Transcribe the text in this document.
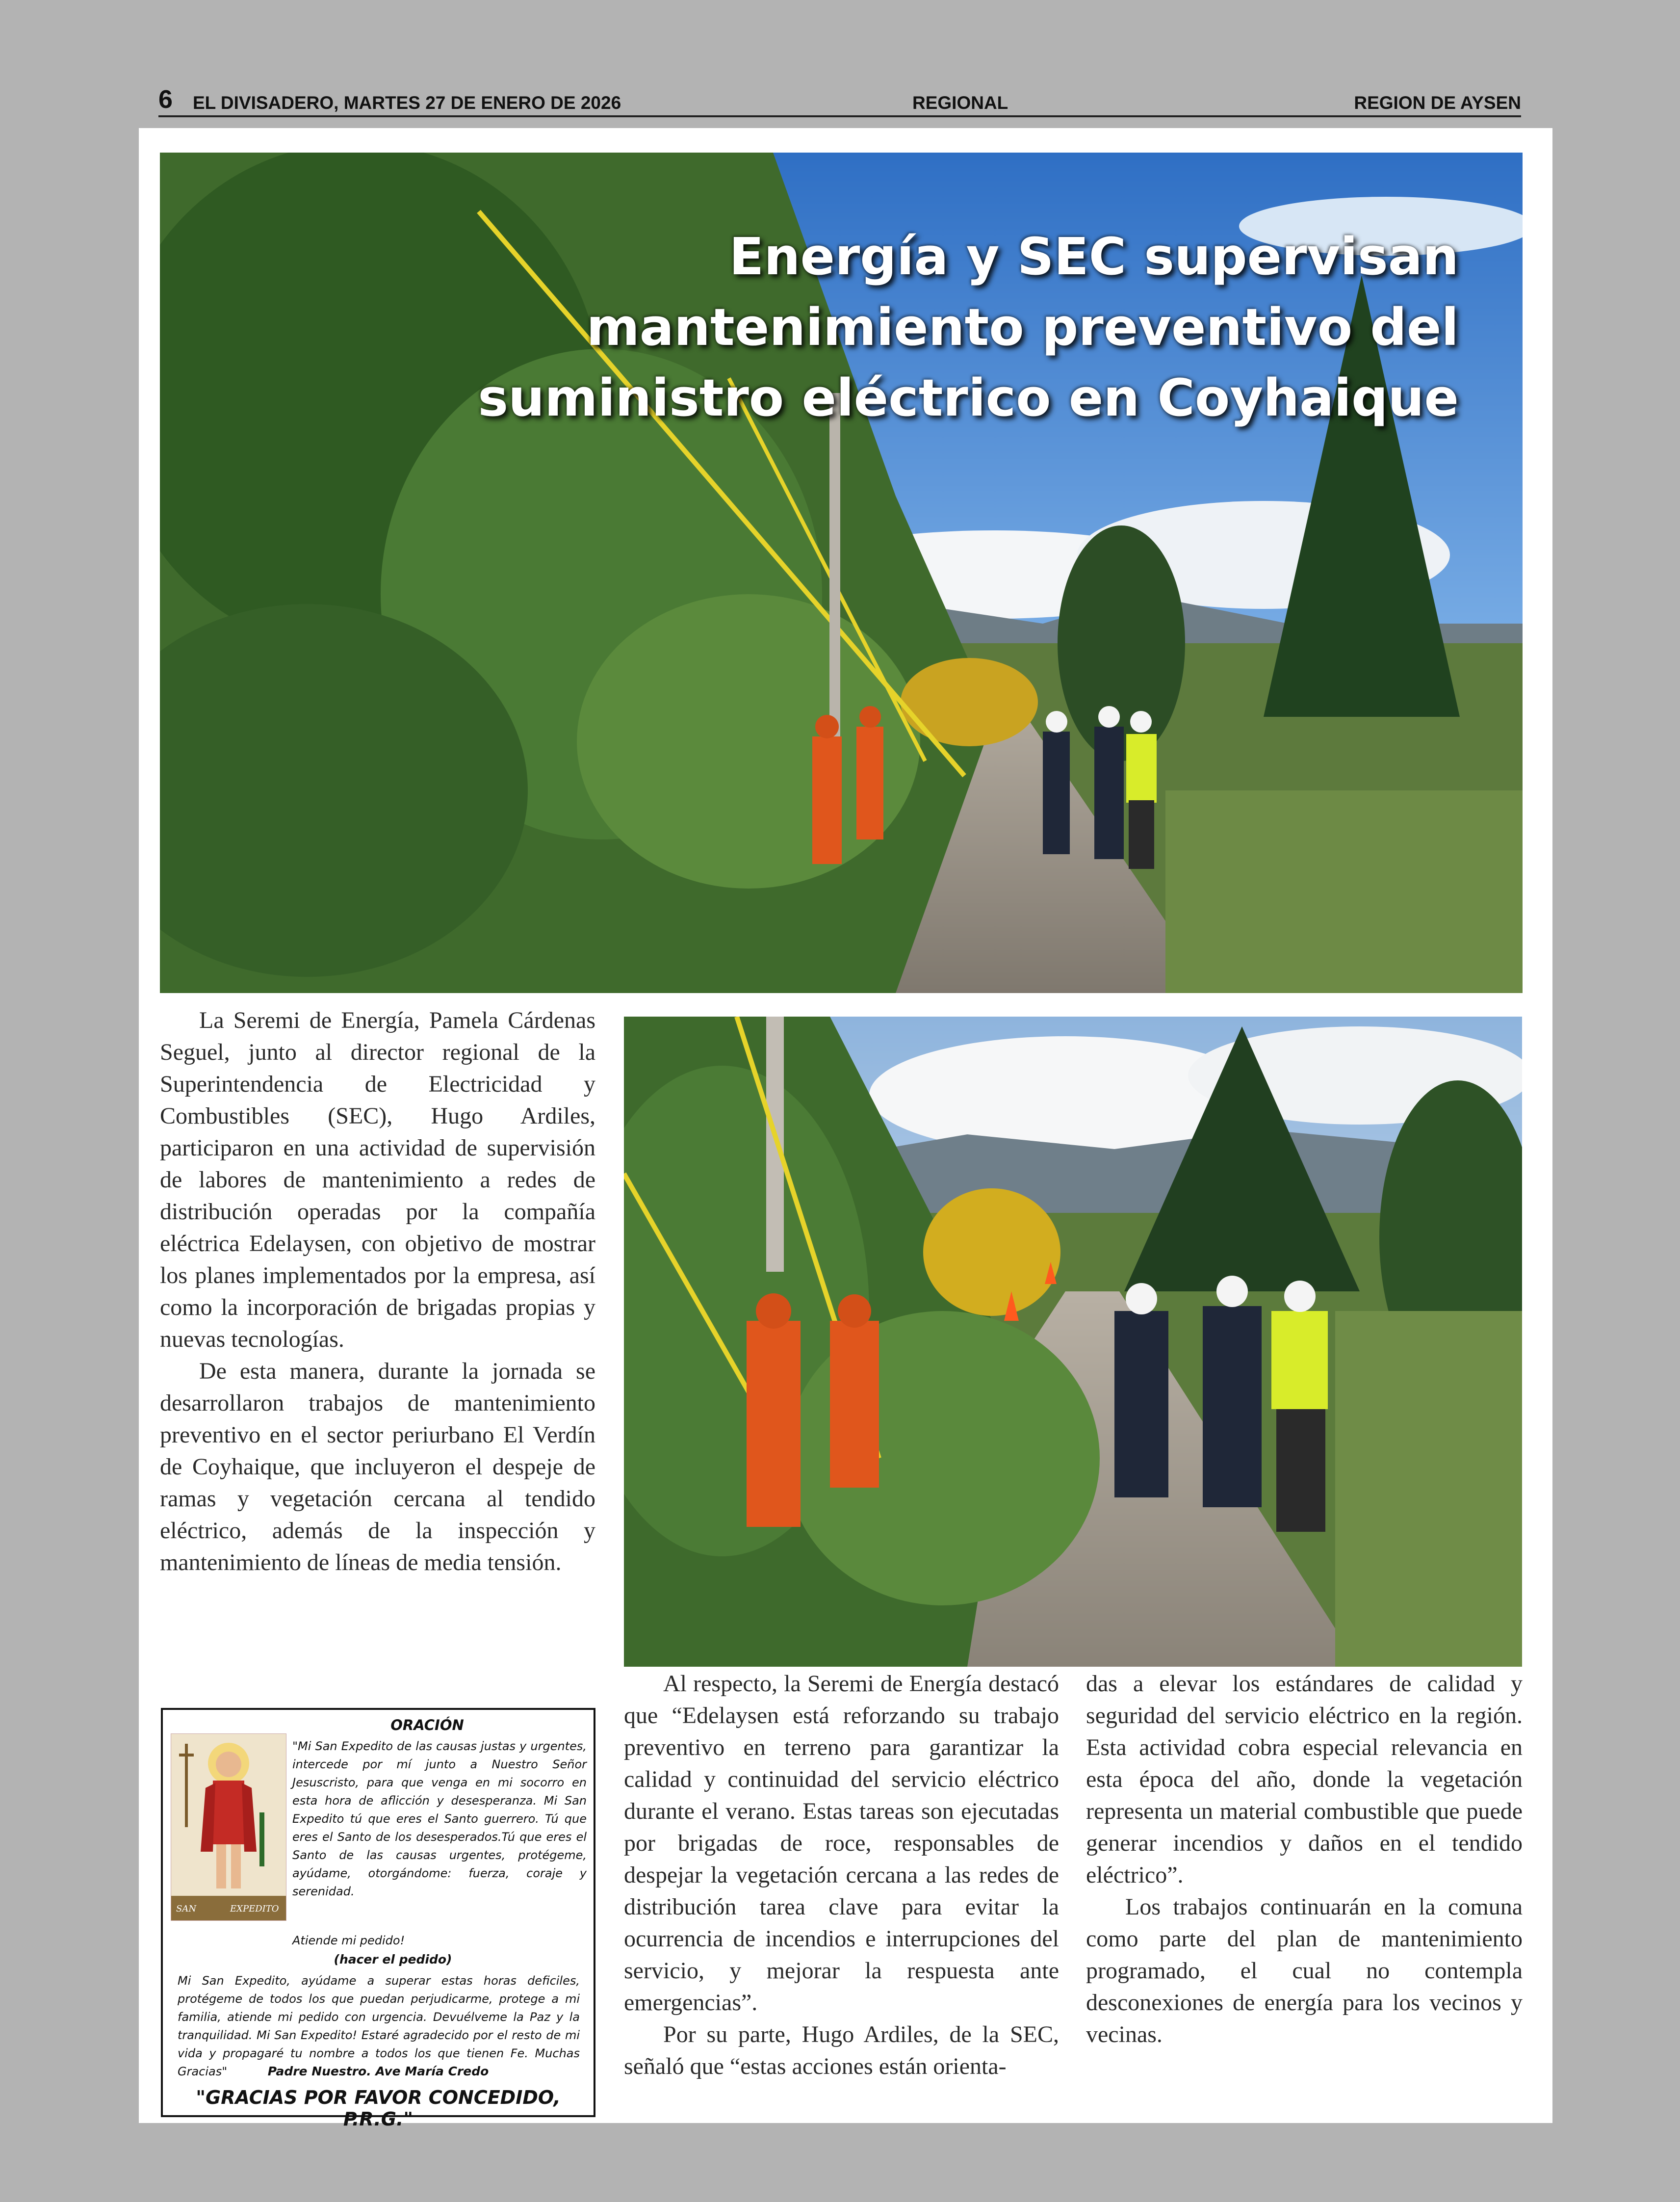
6 EL DIVISADERO, MARTES 27 DE ENERO DE 2026	REGIONAL	REGION DE AYSEN
Energía y SEC supervisan
mantenimiento preventivo del
suministro eléctrico en Coyhaique

La Seremi de Energía, Pamela Cárdenas Seguel, junto al director regional de la Superintendencia de Electricidad y Combustibles (SEC), Hugo Ardiles, participaron en una actividad de supervisión de labores de mantenimiento a redes de distribución operadas por la compañía eléctrica Edelaysen, con objetivo de mostrar los planes implementados por la empresa, así como la incorporación de brigadas propias y nuevas tecnologías.

De esta manera, durante la jornada se desarrollaron trabajos de mantenimiento preventivo en el sector periurbano El Verdín de Coyhaique, que incluyeron el despeje de ramas y vegetación cercana al tendido eléctrico, además de la inspección y mantenimiento de líneas de media tensión.

Al respecto, la Seremi de Energía destacó que “Edelaysen está reforzando su trabajo preventivo en terreno para garantizar la calidad y continuidad del servicio eléctrico durante el verano. Estas tareas son ejecutadas por brigadas de roce, responsables de despejar la vegetación cercana a las redes de distribución tarea clave para evitar la ocurrencia de incendios e interrupciones del servicio, y mejorar la respuesta ante emergencias”.

Por su parte, Hugo Ardiles, de la SEC, señaló que “estas acciones están orienta-

das a elevar los estándares de calidad y seguridad del servicio eléctrico en la región. Esta actividad cobra especial relevancia en esta época del año, donde la vegetación representa un material combustible que puede generar incendios y daños en el tendido eléctrico”.

Los trabajos continuarán en la comuna como parte del plan de mantenimiento programado, el cual no contempla desconexiones de energía para los vecinos y vecinas.

ORACIÓN
SAN	EXPEDITO
"Mi San Expedito de las causas justas y urgentes, intercede por mí junto a Nuestro Señor Jesuscristo, para que venga en mi socorro en esta hora de aflicción y desesperanza. Mi San Expedito tú que eres el Santo guerrero. Tú que eres el Santo de los desesperados.Tú que eres el Santo de las causas urgentes, protégeme, ayúdame, otorgándome: fuerza, coraje y serenidad.
Atiende mi pedido!
(hacer el pedido)
Mi San Expedito, ayúdame a superar estas horas deficiles, protégeme de todos los que puedan perjudicarme, protege a mi familia, atiende mi pedido con urgencia. Devuélveme la Paz y la tranquilidad. Mi San Expedito! Estaré agradecido por el resto de mi vida y propagaré tu nombre a todos los que tienen Fe. Muchas Gracias"	Padre Nuestro. Ave María Credo
"GRACIAS POR FAVOR CONCEDIDO, P.R.G."
